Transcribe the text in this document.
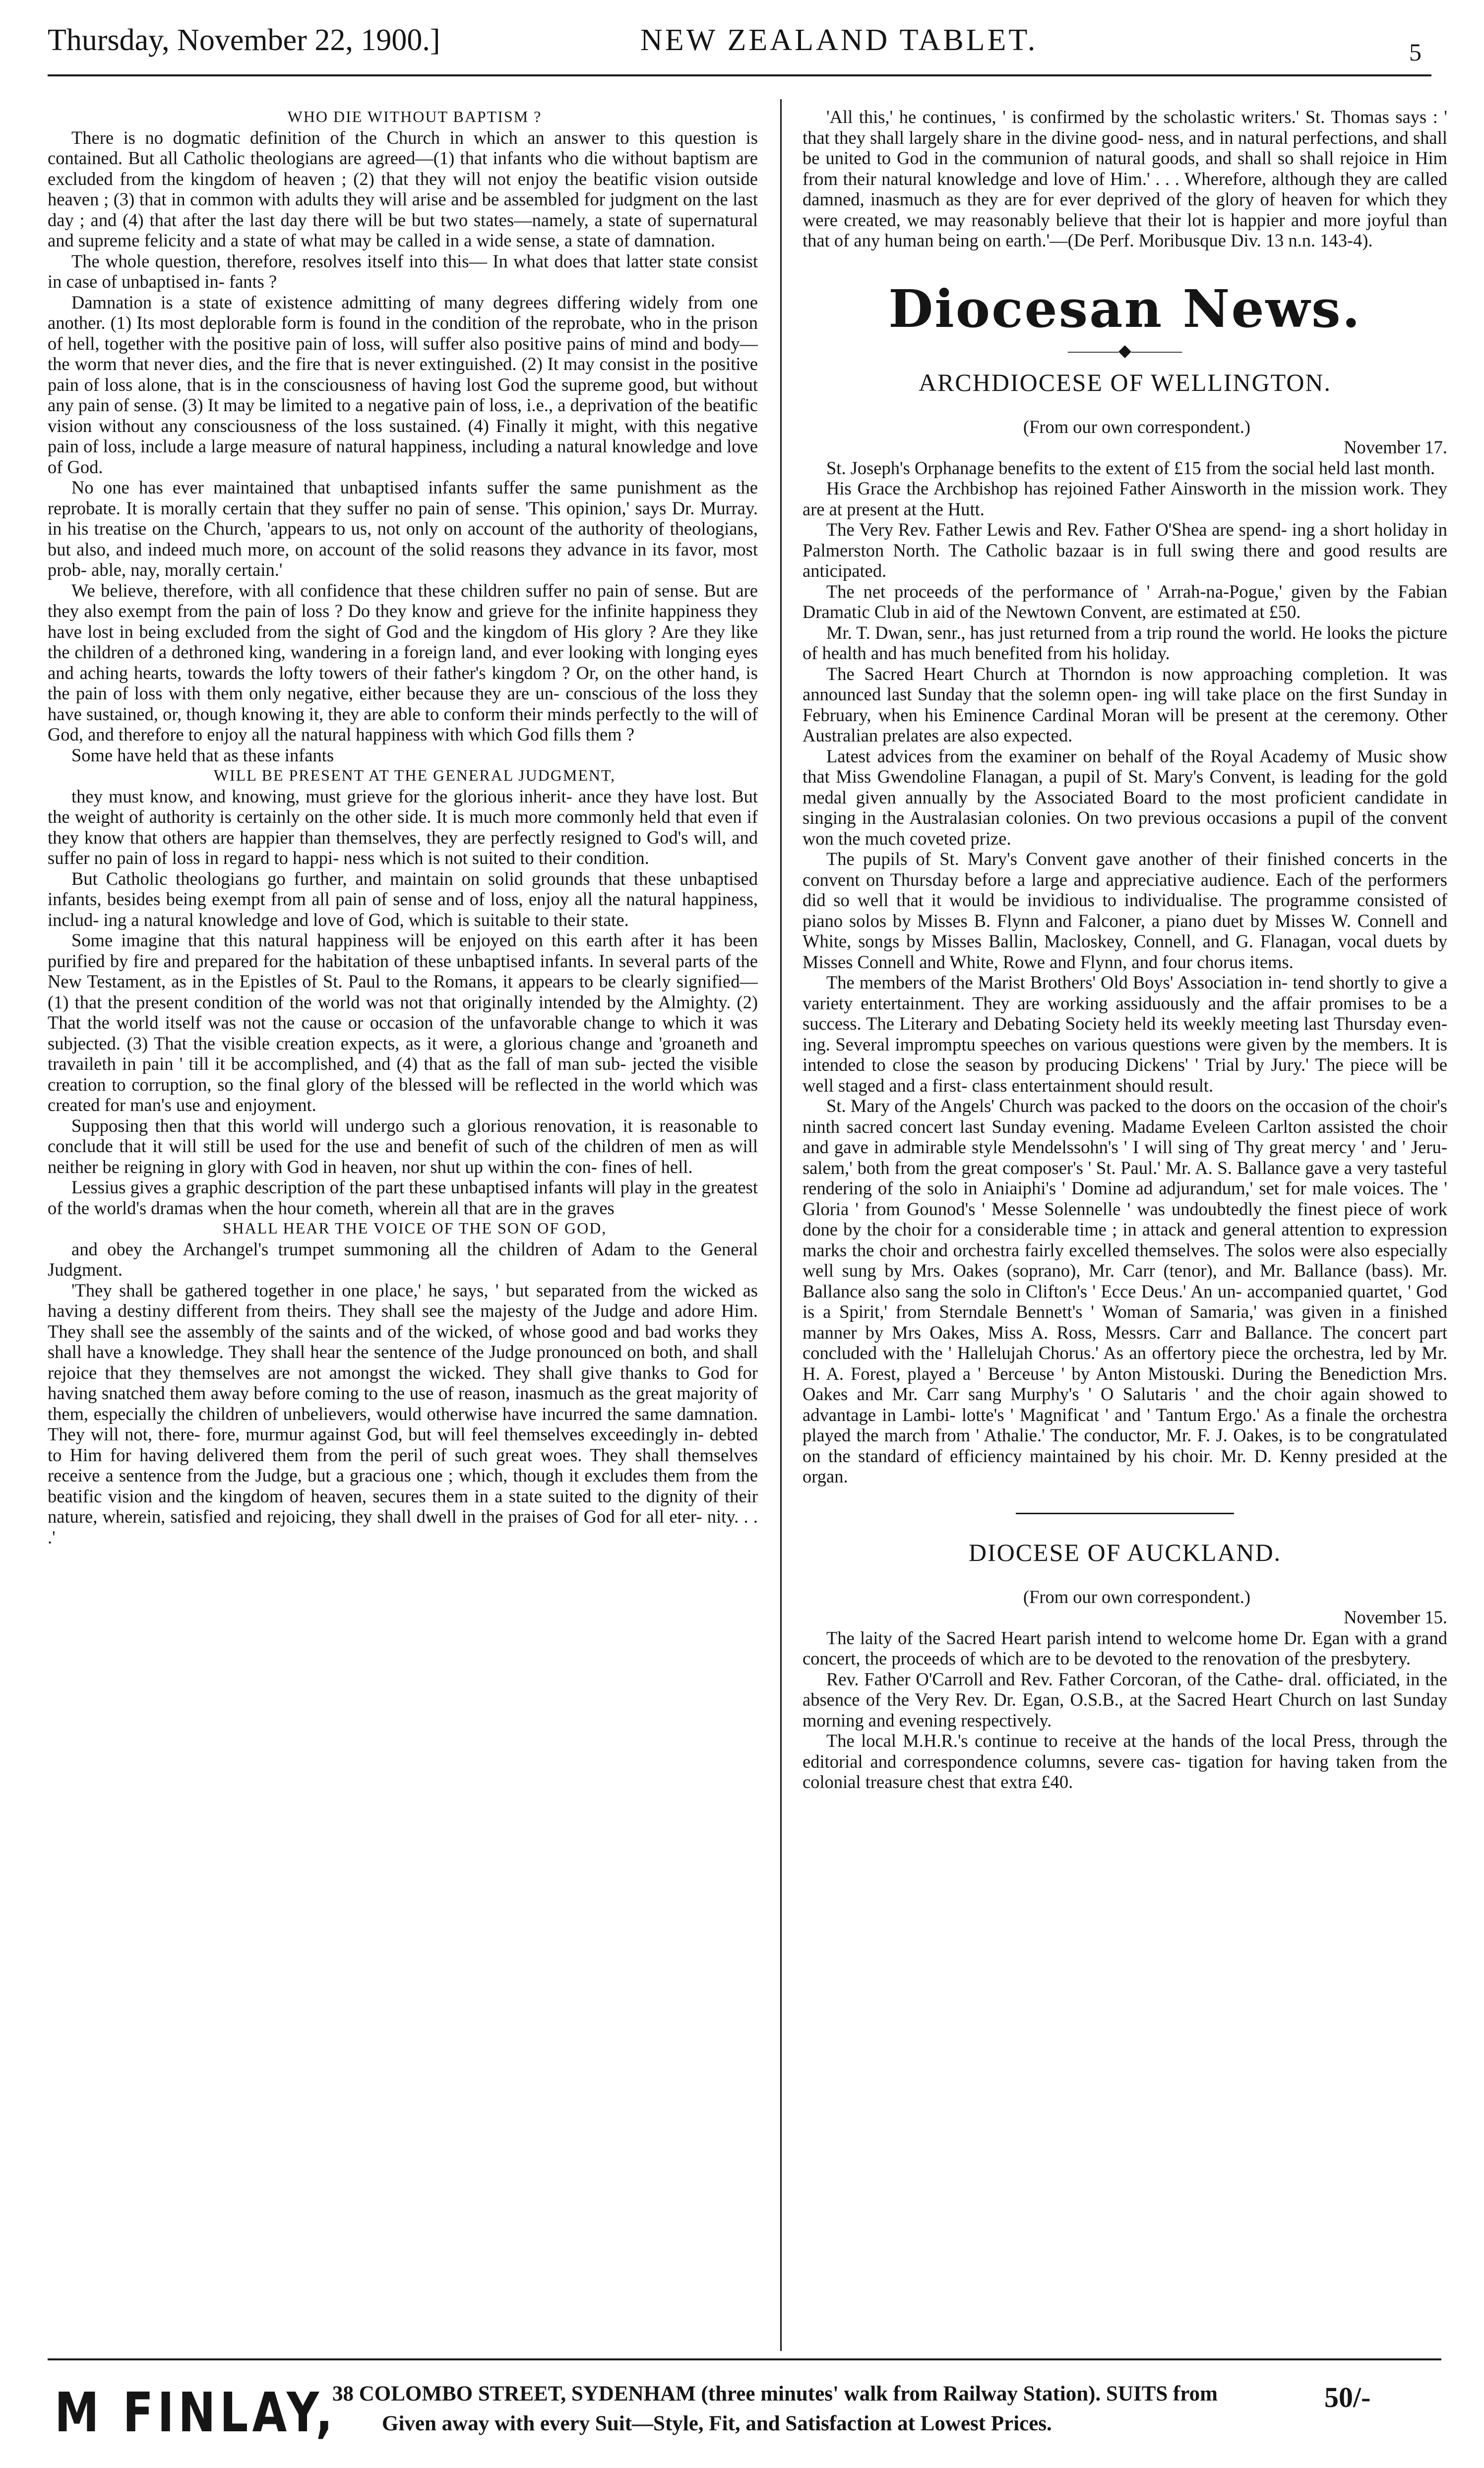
Thursday, November 22, 1900.]	NEW ZEALAND TABLET.	5

WHO DIE WITHOUT BAPTISM ?

There is no dogmatic definition of the Church in which an answer to this question is contained. But all Catholic theologians are agreed—(1) that infants who die without baptism are excluded from the kingdom of heaven ; (2) that they will not enjoy the beatific vision outside heaven ; (3) that in common with adults they will arise and be assembled for judgment on the last day ; and (4) that after the last day there will be but two states—namely, a state of supernatural and supreme felicity and a state of what may be called in a wide sense, a state of damnation.

The whole question, therefore, resolves itself into this— In what does that latter state consist in case of unbaptised in- fants ?

Damnation is a state of existence admitting of many degrees differing widely from one another. (1) Its most deplorable form is found in the condition of the reprobate, who in the prison of hell, together with the positive pain of loss, will suffer also positive pains of mind and body—the worm that never dies, and the fire that is never extinguished. (2) It may consist in the positive pain of loss alone, that is in the consciousness of having lost God the supreme good, but without any pain of sense. (3) It may be limited to a negative pain of loss, i.e., a deprivation of the beatific vision without any consciousness of the loss sustained. (4) Finally it might, with this negative pain of loss, include a large measure of natural happiness, including a natural knowledge and love of God.

No one has ever maintained that unbaptised infants suffer the same punishment as the reprobate. It is morally certain that they suffer no pain of sense. 'This opinion,' says Dr. Murray. in his treatise on the Church, 'appears to us, not only on account of the authority of theologians, but also, and indeed much more, on account of the solid reasons they advance in its favor, most prob- able, nay, morally certain.'

We believe, therefore, with all confidence that these children suffer no pain of sense. But are they also exempt from the pain of loss ? Do they know and grieve for the infinite happiness they have lost in being excluded from the sight of God and the kingdom of His glory ? Are they like the children of a dethroned king, wandering in a foreign land, and ever looking with longing eyes and aching hearts, towards the lofty towers of their father's kingdom ? Or, on the other hand, is the pain of loss with them only negative, either because they are un- conscious of the loss they have sustained, or, though knowing it, they are able to conform their minds perfectly to the will of God, and therefore to enjoy all the natural happiness with which God fills them ?

Some have held that as these infants

WILL BE PRESENT AT THE GENERAL JUDGMENT,

they must know, and knowing, must grieve for the glorious inherit- ance they have lost. But the weight of authority is certainly on the other side. It is much more commonly held that even if they know that others are happier than themselves, they are perfectly resigned to God's will, and suffer no pain of loss in regard to happi- ness which is not suited to their condition.

But Catholic theologians go further, and maintain on solid grounds that these unbaptised infants, besides being exempt from all pain of sense and of loss, enjoy all the natural happiness, includ- ing a natural knowledge and love of God, which is suitable to their state.

Some imagine that this natural happiness will be enjoyed on this earth after it has been purified by fire and prepared for the habitation of these unbaptised infants. In several parts of the New Testament, as in the Epistles of St. Paul to the Romans, it appears to be clearly signified—(1) that the present condition of the world was not that originally intended by the Almighty. (2) That the world itself was not the cause or occasion of the unfavorable change to which it was subjected. (3) That the visible creation expects, as it were, a glorious change and 'groaneth and travaileth in pain ' till it be accomplished, and (4) that as the fall of man sub- jected the visible creation to corruption, so the final glory of the blessed will be reflected in the world which was created for man's use and enjoyment.

Supposing then that this world will undergo such a glorious renovation, it is reasonable to conclude that it will still be used for the use and benefit of such of the children of men as will neither be reigning in glory with God in heaven, nor shut up within the con- fines of hell.

Lessius gives a graphic description of the part these unbaptised infants will play in the greatest of the world's dramas when the hour cometh, wherein all that are in the graves

SHALL HEAR THE VOICE OF THE SON OF GOD,

and obey the Archangel's trumpet summoning all the children of Adam to the General Judgment.

'They shall be gathered together in one place,' he says, ' but separated from the wicked as having a destiny different from theirs. They shall see the majesty of the Judge and adore Him. They shall see the assembly of the saints and of the wicked, of whose good and bad works they shall have a knowledge. They shall hear the sentence of the Judge pronounced on both, and shall rejoice that they themselves are not amongst the wicked. They shall give thanks to God for having snatched them away before coming to the use of reason, inasmuch as the great majority of them, especially the children of unbelievers, would otherwise have incurred the same damnation. They will not, there- fore, murmur against God, but will feel themselves exceedingly in- debted to Him for having delivered them from the peril of such great woes. They shall themselves receive a sentence from the Judge, but a gracious one ; which, though it excludes them from the beatific vision and the kingdom of heaven, secures them in a state suited to the dignity of their nature, wherein, satisfied and rejoicing, they shall dwell in the praises of God for all eter- nity. . . .'

'All this,' he continues, ' is confirmed by the scholastic writers.' St. Thomas says : ' that they shall largely share in the divine good- ness, and in natural perfections, and shall be united to God in the communion of natural goods, and shall so shall rejoice in Him from their natural knowledge and love of Him.' . . . Wherefore, although they are called damned, inasmuch as they are for ever deprived of the glory of heaven for which they were created, we may reasonably believe that their lot is happier and more joyful than that of any human being on earth.'—(De Perf. Moribusque Div. 13 n.n. 143-4).

Diocesan News.
———◆———
ARCHDIOCESE OF WELLINGTON.

(From our own correspondent.)

November 17.

St. Joseph's Orphanage benefits to the extent of £15 from the social held last month.

His Grace the Archbishop has rejoined Father Ainsworth in the mission work. They are at present at the Hutt.

The Very Rev. Father Lewis and Rev. Father O'Shea are spend- ing a short holiday in Palmerston North. The Catholic bazaar is in full swing there and good results are anticipated.

The net proceeds of the performance of ' Arrah-na-Pogue,' given by the Fabian Dramatic Club in aid of the Newtown Convent, are estimated at £50.

Mr. T. Dwan, senr., has just returned from a trip round the world. He looks the picture of health and has much benefited from his holiday.

The Sacred Heart Church at Thorndon is now approaching completion. It was announced last Sunday that the solemn open- ing will take place on the first Sunday in February, when his Eminence Cardinal Moran will be present at the ceremony. Other Australian prelates are also expected.

Latest advices from the examiner on behalf of the Royal Academy of Music show that Miss Gwendoline Flanagan, a pupil of St. Mary's Convent, is leading for the gold medal given annually by the Associated Board to the most proficient candidate in singing in the Australasian colonies. On two previous occasions a pupil of the convent won the much coveted prize.

The pupils of St. Mary's Convent gave another of their finished concerts in the convent on Thursday before a large and appreciative audience. Each of the performers did so well that it would be invidious to individualise. The programme consisted of piano solos by Misses B. Flynn and Falconer, a piano duet by Misses W. Connell and White, songs by Misses Ballin, Macloskey, Connell, and G. Flanagan, vocal duets by Misses Connell and White, Rowe and Flynn, and four chorus items.

The members of the Marist Brothers' Old Boys' Association in- tend shortly to give a variety entertainment. They are working assiduously and the affair promises to be a success. The Literary and Debating Society held its weekly meeting last Thursday even- ing. Several impromptu speeches on various questions were given by the members. It is intended to close the season by producing Dickens' ' Trial by Jury.' The piece will be well staged and a first- class entertainment should result.

St. Mary of the Angels' Church was packed to the doors on the occasion of the choir's ninth sacred concert last Sunday evening. Madame Eveleen Carlton assisted the choir and gave in admirable style Mendelssohn's ' I will sing of Thy great mercy ' and ' Jeru- salem,' both from the great composer's ' St. Paul.' Mr. A. S. Ballance gave a very tasteful rendering of the solo in Aniaiphi's ' Domine ad adjurandum,' set for male voices. The ' Gloria ' from Gounod's ' Messe Solennelle ' was undoubtedly the finest piece of work done by the choir for a considerable time ; in attack and general attention to expression marks the choir and orchestra fairly excelled themselves. The solos were also especially well sung by Mrs. Oakes (soprano), Mr. Carr (tenor), and Mr. Ballance (bass). Mr. Ballance also sang the solo in Clifton's ' Ecce Deus.' An un- accompanied quartet, ' God is a Spirit,' from Sterndale Bennett's ' Woman of Samaria,' was given in a finished manner by Mrs Oakes, Miss A. Ross, Messrs. Carr and Ballance. The concert part concluded with the ' Hallelujah Chorus.' As an offertory piece the orchestra, led by Mr. H. A. Forest, played a ' Berceuse ' by Anton Mistouski. During the Benediction Mrs. Oakes and Mr. Carr sang Murphy's ' O Salutaris ' and the choir again showed to advantage in Lambi- lotte's ' Magnificat ' and ' Tantum Ergo.' As a finale the orchestra played the march from ' Athalie.' The conductor, Mr. F. J. Oakes, is to be congratulated on the standard of efficiency maintained by his choir. Mr. D. Kenny presided at the organ.

DIOCESE OF AUCKLAND.

(From our own correspondent.)

November 15.

The laity of the Sacred Heart parish intend to welcome home Dr. Egan with a grand concert, the proceeds of which are to be devoted to the renovation of the presbytery.

Rev. Father O'Carroll and Rev. Father Corcoran, of the Cathe- dral. officiated, in the absence of the Very Rev. Dr. Egan, O.S.B., at the Sacred Heart Church on last Sunday morning and evening respectively.

The local M.H.R.'s continue to receive at the hands of the local Press, through the editorial and correspondence columns, severe cas- tigation for having taken from the colonial treasure chest that extra £40.

M FINLAY,
38 COLOMBO STREET, SYDENHAM (three minutes' walk from Railway Station). SUITS from
Given away with every Suit—Style, Fit, and Satisfaction at Lowest Prices.
50/-
